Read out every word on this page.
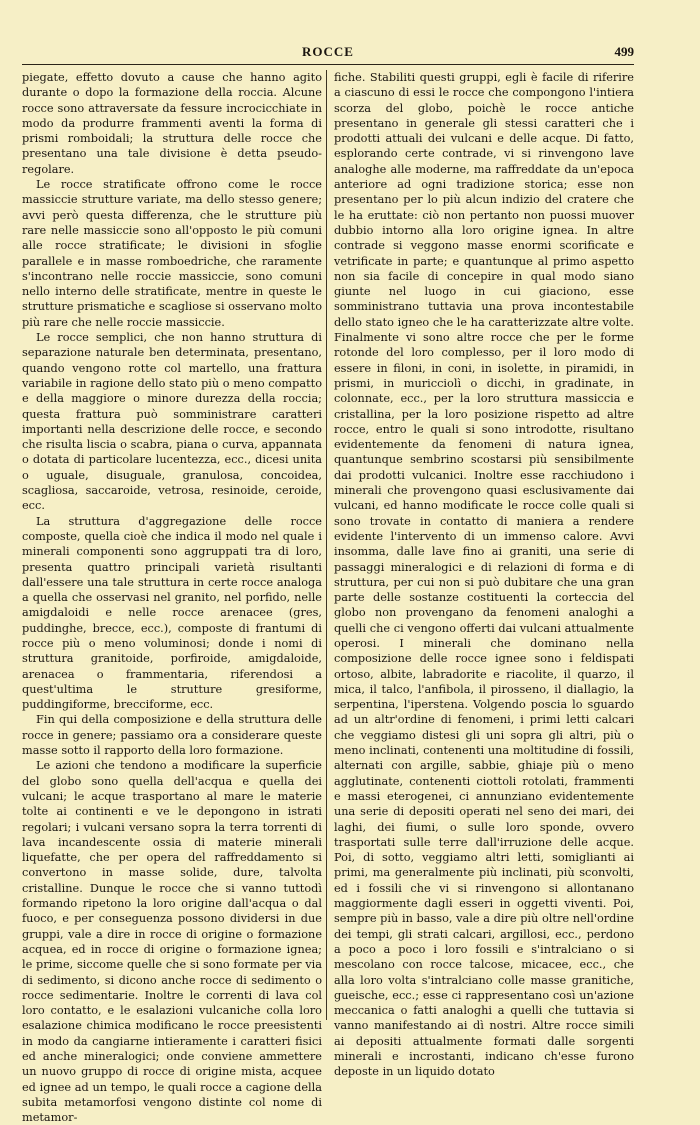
ROCCE	499

piegate, effetto dovuto a cause che hanno agito durante o dopo la formazione della roccia. Alcune rocce sono attraversate da fessure incrocicchiate in modo da produrre frammenti aventi la forma di prismi romboidali; la struttura delle rocce che presentano una tale divisione è detta pseudo-regolare.

Le rocce stratificate offrono come le rocce massiccie strutture variate, ma dello stesso genere; avvi però questa differenza, che le strutture più rare nelle massiccie sono all'opposto le più comuni alle rocce stratificate; le divisioni in sfoglie parallele e in masse romboedriche, che raramente s'incontrano nelle roccie massiccie, sono comuni nello interno delle stratificate, mentre in queste le strutture prismatiche e scagliose si osservano molto più rare che nelle roccie massiccie.

Le rocce semplici, che non hanno struttura di separazione naturale ben determinata, presentano, quando vengono rotte col martello, una frattura variabile in ragione dello stato più o meno compatto e della maggiore o minore durezza della roccia; questa frattura può somministrare caratteri importanti nella descrizione delle rocce, e secondo che risulta liscia o scabra, piana o curva, appannata o dotata di particolare lucentezza, ecc., dicesi unita o uguale, disuguale, granulosa, concoidea, scagliosa, saccaroide, vetrosa, resinoide, ceroide, ecc.

La struttura d'aggregazione delle rocce composte, quella cioè che indica il modo nel quale i minerali componenti sono aggruppati tra di loro, presenta quattro principali varietà risultanti dall'essere una tale struttura in certe rocce analoga a quella che osservasi nel granito, nel porfido, nelle amigdaloidi e nelle rocce arenacee (gres, puddinghe, brecce, ecc.), composte di frantumi di rocce più o meno voluminosi; donde i nomi di struttura granitoide, porfiroide, amigdaloide, arenacea o frammentaria, riferendosi a quest'ultima le strutture gresiforme, puddingiforme, brecciforme, ecc.

Fin qui della composizione e della struttura delle rocce in genere; passiamo ora a considerare queste masse sotto il rapporto della loro formazione.

Le azioni che tendono a modificare la superficie del globo sono quella dell'acqua e quella dei vulcani; le acque trasportano al mare le materie tolte ai continenti e ve le depongono in istrati regolari; i vulcani versano sopra la terra torrenti di lava incandescente ossia di materie minerali liquefatte, che per opera del raffreddamento si convertono in masse solide, dure, talvolta cristalline. Dunque le rocce che si vanno tuttodì formando ripetono la loro origine dall'acqua o dal fuoco, e per conseguenza possono dividersi in due gruppi, vale a dire in rocce di origine o formazione acquea, ed in rocce di origine o formazione ignea; le prime, siccome quelle che si sono formate per via di sedimento, si dicono anche rocce di sedimento o rocce sedimentarie. Inoltre le correnti di lava col loro contatto, e le esalazioni vulcaniche colla loro esalazione chimica modificano le rocce preesistenti in modo da cangiarne intieramente i caratteri fisici ed anche mineralogici; onde conviene ammettere un nuovo gruppo di rocce di origine mista, acquee ed ignee ad un tempo, le quali rocce a cagione della subita metamorfosi vengono distinte col nome di metamor-

fiche. Stabiliti questi gruppi, egli è facile di riferire a ciascuno di essi le rocce che compongono l'intiera scorza del globo, poichè le rocce antiche presentano in generale gli stessi caratteri che i prodotti attuali dei vulcani e delle acque. Di fatto, esplorando certe contrade, vi si rinvengono lave analoghe alle moderne, ma raffreddate da un'epoca anteriore ad ogni tradizione storica; esse non presentano per lo più alcun indizio del cratere che le ha eruttate: ciò non pertanto non puossi muover dubbio intorno alla loro origine ignea. In altre contrade si veggono masse enormi scorificate e vetrificate in parte; e quantunque al primo aspetto non sia facile di concepire in qual modo siano giunte nel luogo in cui giaciono, esse somministrano tuttavia una prova incontestabile dello stato igneo che le ha caratterizzate altre volte. Finalmente vi sono altre rocce che per le forme rotonde del loro complesso, per il loro modo di essere in filoni, in coni, in isolette, in piramidi, in prismi, in muricciolì o dicchi, in gradinate, in colonnate, ecc., per la loro struttura massiccia e cristallina, per la loro posizione rispetto ad altre rocce, entro le quali si sono introdotte, risultano evidentemente da fenomeni di natura ignea, quantunque sembrino scostarsi più sensibilmente dai prodotti vulcanici. Inoltre esse racchiudono i minerali che provengono quasi esclusivamente dai vulcani, ed hanno modificate le rocce colle quali si sono trovate in contatto di maniera a rendere evidente l'intervento di un immenso calore. Avvi insomma, dalle lave fino ai graniti, una serie di passaggi mineralogici e di relazioni di forma e di struttura, per cui non si può dubitare che una gran parte delle sostanze costituenti la corteccia del globo non provengano da fenomeni analoghi a quelli che ci vengono offerti dai vulcani attualmente operosi. I minerali che dominano nella composizione delle rocce ignee sono i feldispati ortoso, albite, labradorite e riacolite, il quarzo, il mica, il talco, l'anfibola, il pirosseno, il diallagio, la serpentina, l'iperstena. Volgendo poscia lo sguardo ad un altr'ordine di fenomeni, i primi letti calcari che veggiamo distesi gli uni sopra gli altri, più o meno inclinati, contenenti una moltitudine di fossili, alternati con argille, sabbie, ghiaje più o meno agglutinate, contenenti ciottoli rotolati, frammenti e massi eterogenei, ci annunziano evidentemente una serie di depositi operati nel seno dei mari, dei laghi, dei fiumi, o sulle loro sponde, ovvero trasportati sulle terre dall'irruzione delle acque. Poi, di sotto, veggiamo altri letti, somiglianti ai primi, ma generalmente più inclinati, più sconvolti, ed i fossili che vi si rinvengono si allontanano maggiormente dagli esseri in oggetti viventi. Poi, sempre più in basso, vale a dire più oltre nell'ordine dei tempi, gli strati calcari, argillosi, ecc., perdono a poco a poco i loro fossili e s'intralciano o si mescolano con rocce talcose, micacee, ecc., che alla loro volta s'intralciano colle masse granitiche, gueische, ecc.; esse ci rappresentano così un'azione meccanica o fatti analoghi a quelli che tuttavia si vanno manifestando ai dì nostri. Altre rocce simili ai depositi attualmente formati dalle sorgenti minerali e incrostanti, indicano ch'esse furono deposte in un liquido dotato
